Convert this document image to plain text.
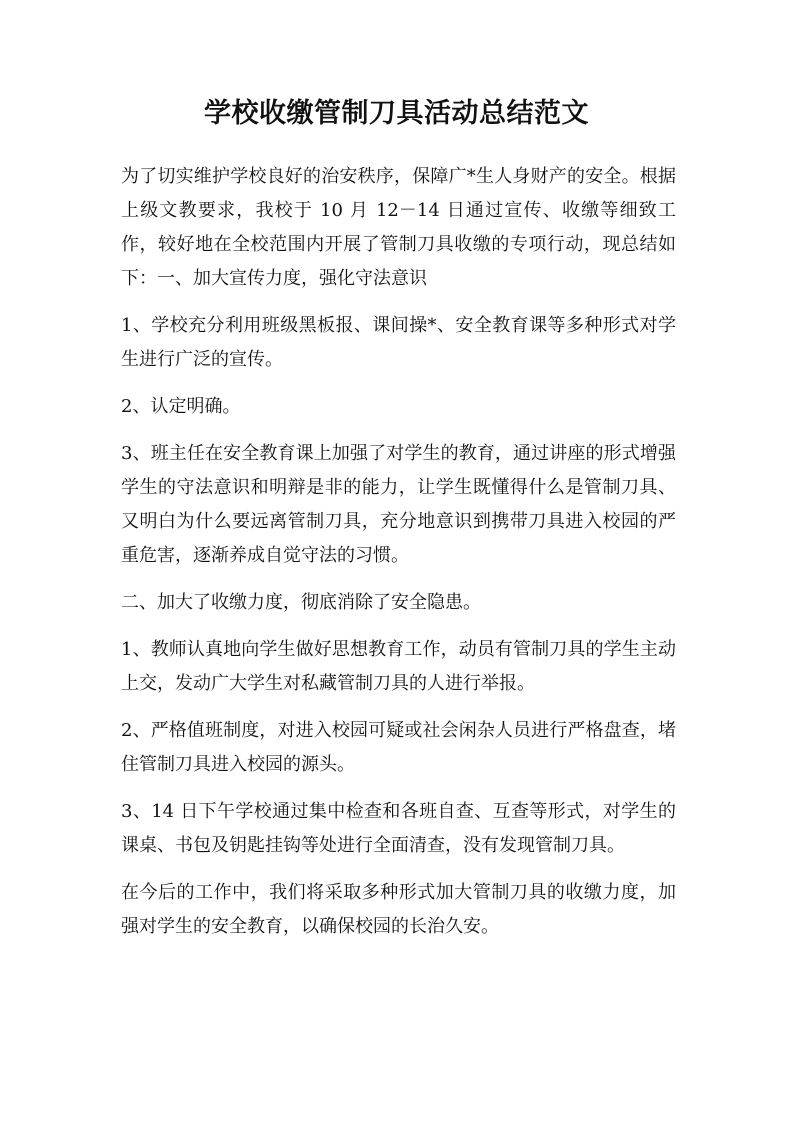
学校收缴管制刀具活动总结范文

为了切实维护学校良好的治安秩序，保障广*生人身财产的安全。根据上级文教要求，我校于 10 月 12－14 日通过宣传、收缴等细致工作，较好地在全校范围内开展了管制刀具收缴的专项行动，现总结如下：一、加大宣传力度，强化守法意识

1、学校充分利用班级黑板报、课间操*、安全教育课等多种形式对学生进行广泛的宣传。

2、认定明确。

3、班主任在安全教育课上加强了对学生的教育，通过讲座的形式增强学生的守法意识和明辩是非的能力，让学生既懂得什么是管制刀具、又明白为什么要远离管制刀具，充分地意识到携带刀具进入校园的严重危害，逐渐养成自觉守法的习惯。

二、加大了收缴力度，彻底消除了安全隐患。

1、教师认真地向学生做好思想教育工作，动员有管制刀具的学生主动上交，发动广大学生对私藏管制刀具的人进行举报。

2、严格值班制度，对进入校园可疑或社会闲杂人员进行严格盘查，堵住管制刀具进入校园的源头。

3、14 日下午学校通过集中检查和各班自查、互查等形式，对学生的课桌、书包及钥匙挂钩等处进行全面清查，没有发现管制刀具。

在今后的工作中，我们将采取多种形式加大管制刀具的收缴力度，加强对学生的安全教育，以确保校园的长治久安。
